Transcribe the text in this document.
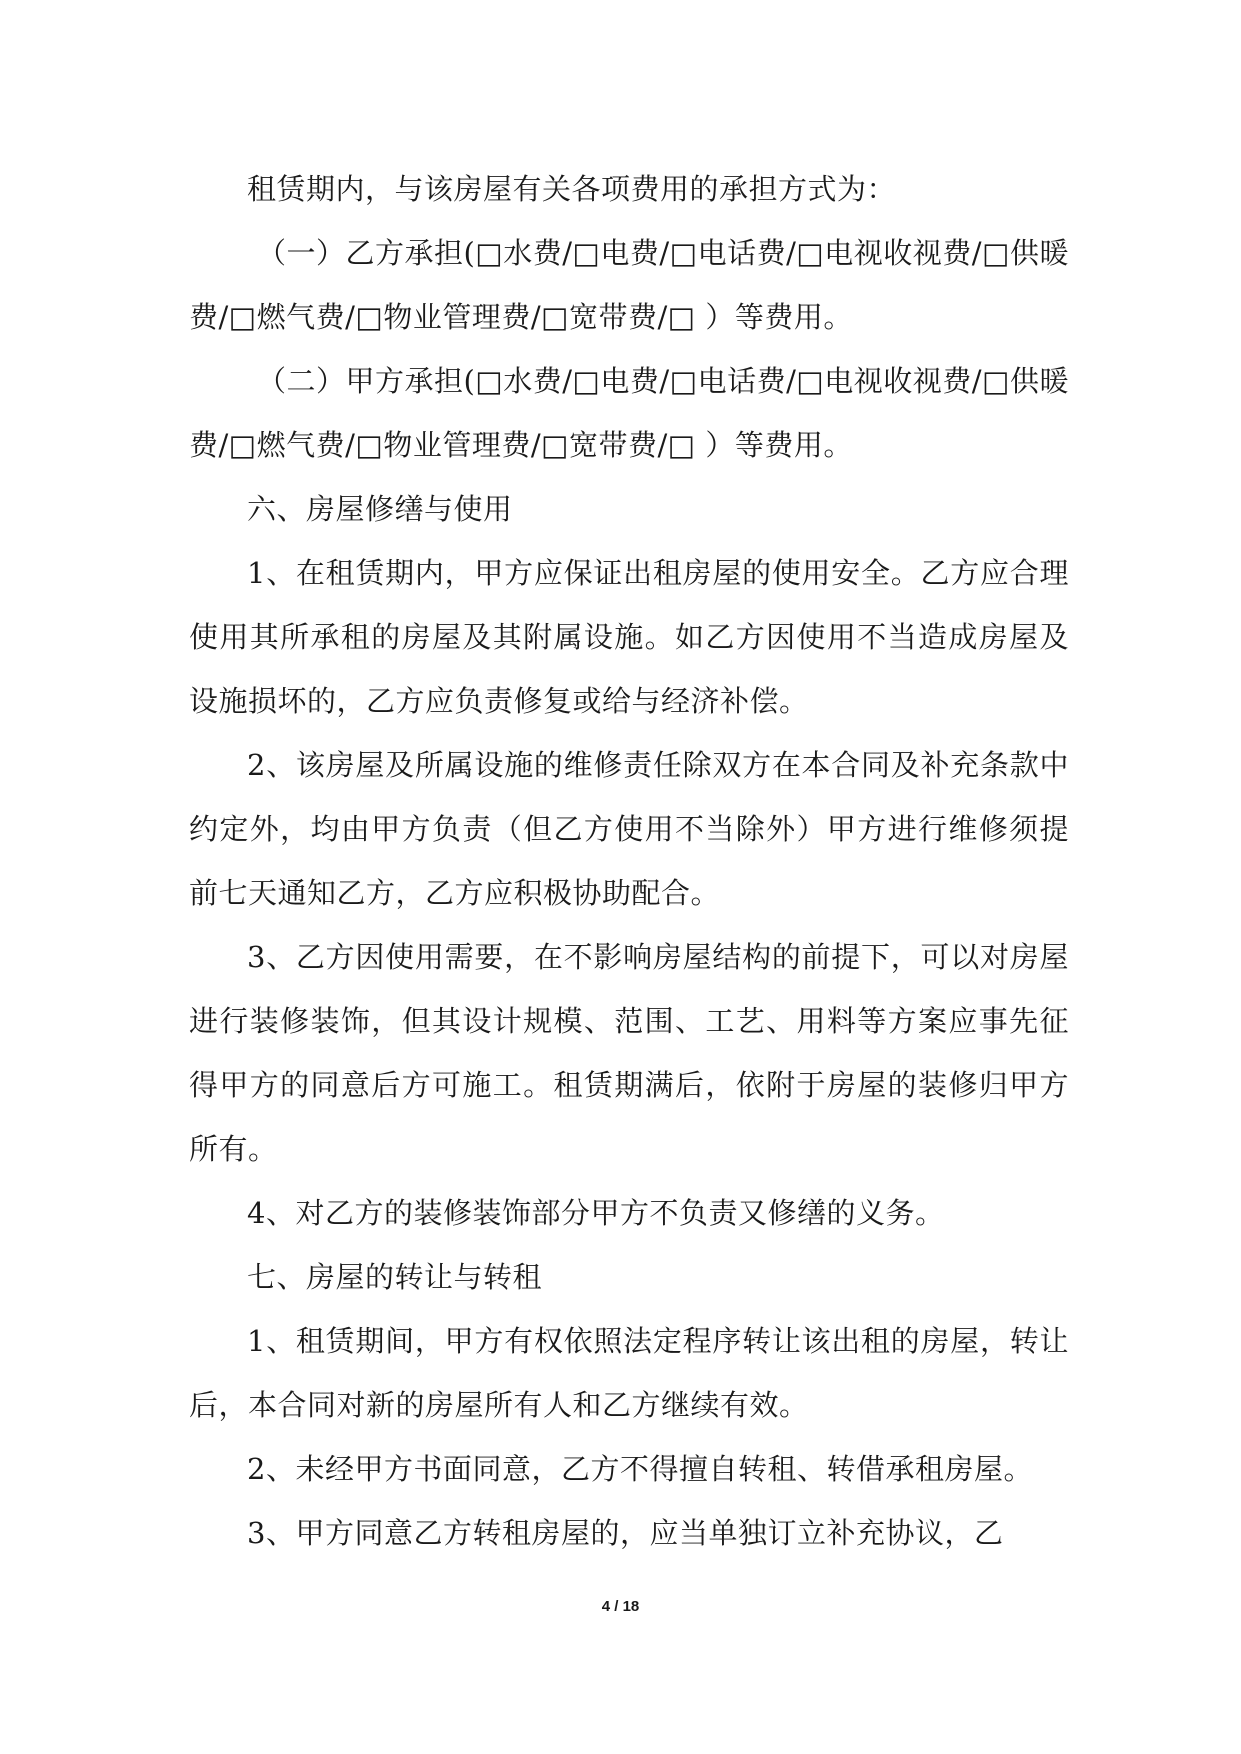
租赁期内，与该房屋有关各项费用的承担方式为：

（一）乙方承担(□水费/□电费/□电话费/□电视收视费/□供暖费/□燃气费/□物业管理费/□宽带费/□ ）等费用。

（二）甲方承担(□水费/□电费/□电话费/□电视收视费/□供暖费/□燃气费/□物业管理费/□宽带费/□ ）等费用。

六、房屋修缮与使用

1、在租赁期内，甲方应保证出租房屋的使用安全。乙方应合理使用其所承租的房屋及其附属设施。如乙方因使用不当造成房屋及设施损坏的，乙方应负责修复或给与经济补偿。

2、该房屋及所属设施的维修责任除双方在本合同及补充条款中约定外，均由甲方负责（但乙方使用不当除外）甲方进行维修须提前七天通知乙方，乙方应积极协助配合。

3、乙方因使用需要，在不影响房屋结构的前提下，可以对房屋进行装修装饰，但其设计规模、范围、工艺、用料等方案应事先征得甲方的同意后方可施工。租赁期满后，依附于房屋的装修归甲方所有。

4、对乙方的装修装饰部分甲方不负责又修缮的义务。

七、房屋的转让与转租

1、租赁期间，甲方有权依照法定程序转让该出租的房屋，转让后，本合同对新的房屋所有人和乙方继续有效。

2、未经甲方书面同意，乙方不得擅自转租、转借承租房屋。

3、甲方同意乙方转租房屋的，应当单独订立补充协议，乙

4 / 18
